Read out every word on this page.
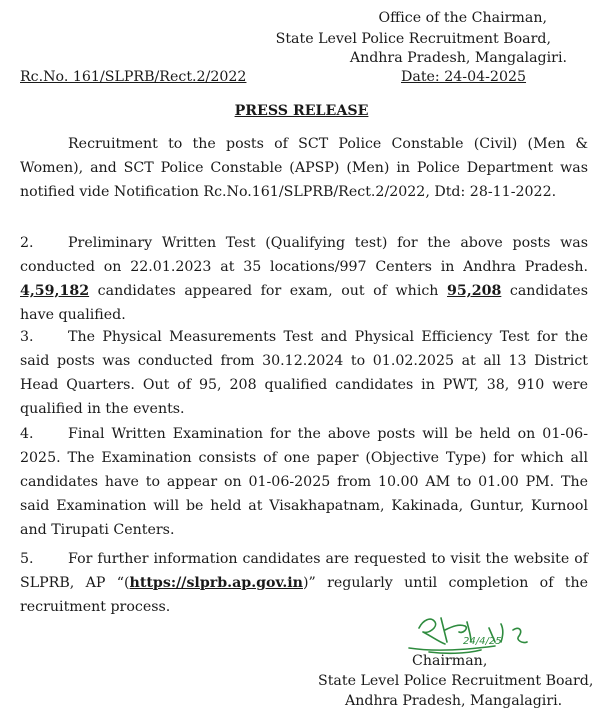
Office of the Chairman,
State Level Police Recruitment Board,
Andhra Pradesh, Mangalagiri.
Rc.No. 161/SLPRB/Rect.2/2022	Date: 24-04-2025
PRESS RELEASE

Recruitment to the posts of SCT Police Constable (Civil) (Men & Women), and SCT Police Constable (APSP) (Men) in Police Department was notified vide Notification Rc.No.161/SLPRB/Rect.2/2022, Dtd: 28-11-2022.

2. Preliminary Written Test (Qualifying test) for the above posts was conducted on 22.01.2023 at 35 locations/997 Centers in Andhra Pradesh. 4,59,182 candidates appeared for exam, out of which 95,208 candidates have qualified.

3. The Physical Measurements Test and Physical Efficiency Test for the said posts was conducted from 30.12.2024 to 01.02.2025 at all 13 District Head Quarters. Out of 95, 208 qualified candidates in PWT, 38, 910 were qualified in the events.

4. Final Written Examination for the above posts will be held on 01-06-2025. The Examination consists of one paper (Objective Type) for which all candidates have to appear on 01-06-2025 from 10.00 AM to 01.00 PM. The said Examination will be held at Visakhapatnam, Kakinada, Guntur, Kurnool and Tirupati Centers.

5. For further information candidates are requested to visit the website of SLPRB, AP “(https://slprb.ap.gov.in)” regularly until completion of the recruitment process.

24/4/25
Chairman,
State Level Police Recruitment Board,
Andhra Pradesh, Mangalagiri.
